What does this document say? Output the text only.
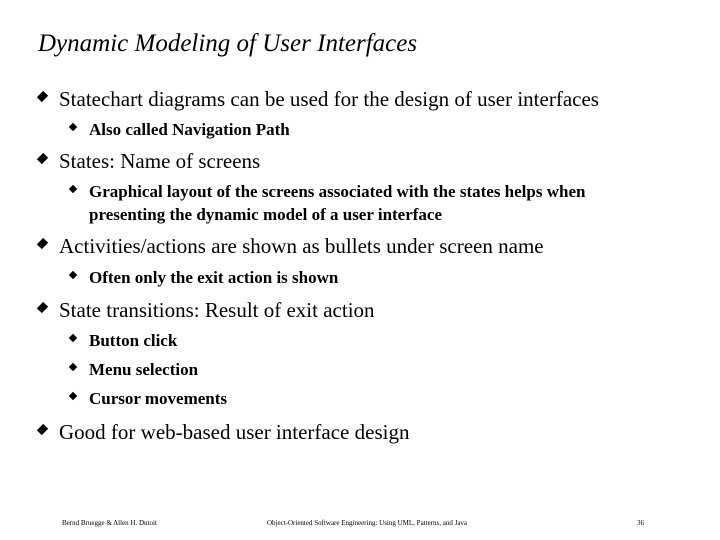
Dynamic Modeling of User Interfaces
Statechart diagrams can be used for the design of user interfaces
Also called Navigation Path
States: Name of screens
Graphical layout of the screens associated with the states helps when
presenting the dynamic model of a user interface
Activities/actions are shown as bullets under screen name
Often only the exit action is shown
State transitions: Result of exit action
Button click
Menu selection
Cursor movements
Good for web-based user interface design
Bernd Bruegge & Allen H. Dutoit	Object-Oriented Software Engineering: Using UML, Patterns, and Java	36
